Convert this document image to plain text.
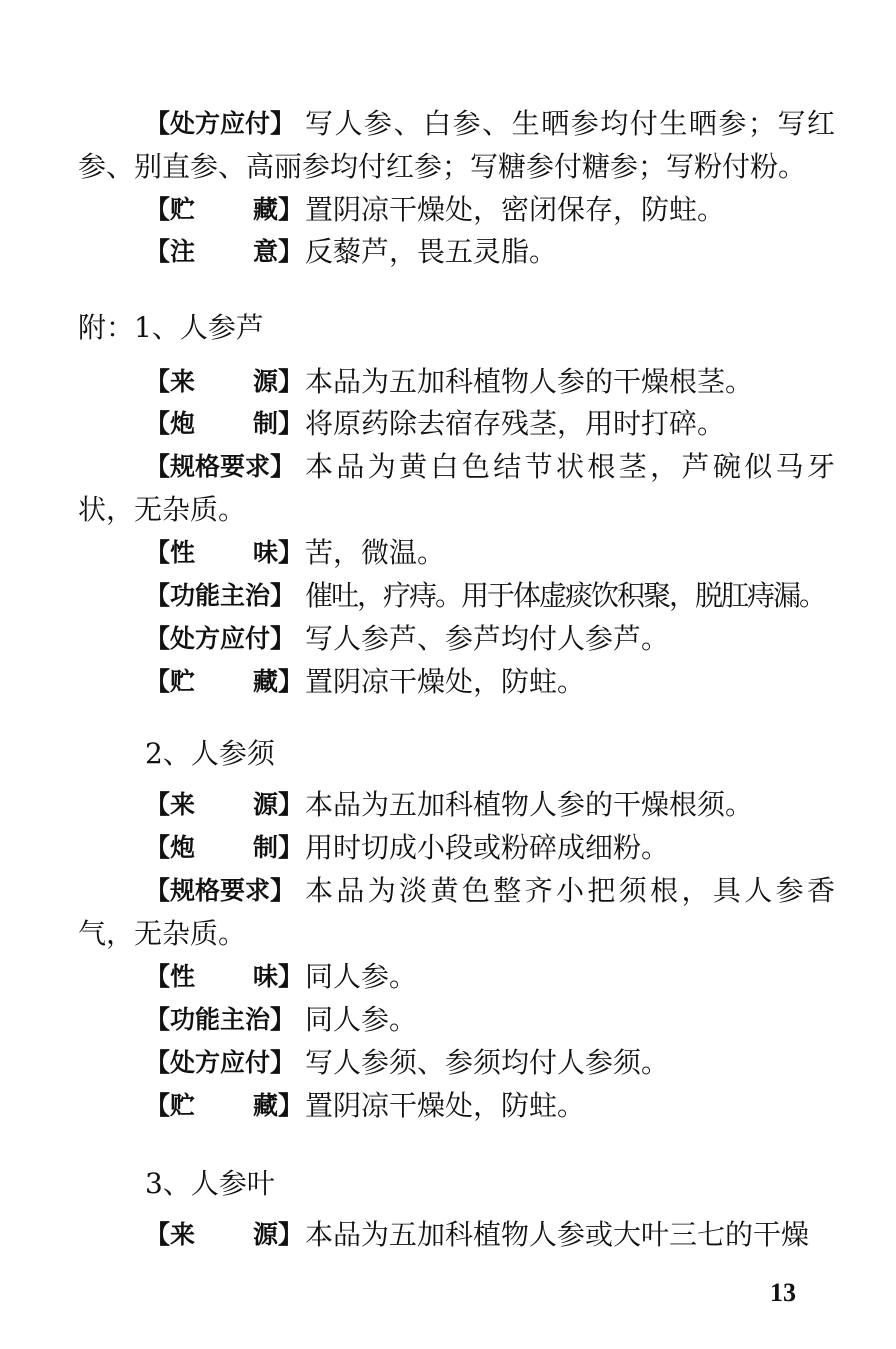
【处方应付】 写人参、白参、生晒参均付生晒参；写红
参、别直参、高丽参均付红参；写糖参付糖参；写粉付粉。
【贮 藏】置阴凉干燥处，密闭保存，防蛀。
【注 意】反藜芦，畏五灵脂。
附：1、人参芦
【来 源】本品为五加科植物人参的干燥根茎。
【炮 制】将原药除去宿存残茎，用时打碎。
【规格要求】 本品为黄白色结节状根茎，芦碗似马牙
状，无杂质。
【性 味】苦，微温。
【功能主治】 催吐，疗痔。用于体虚痰饮积聚，脱肛痔漏。
【处方应付】 写人参芦、参芦均付人参芦。
【贮 藏】置阴凉干燥处，防蛀。
2、人参须
【来 源】本品为五加科植物人参的干燥根须。
【炮 制】用时切成小段或粉碎成细粉。
【规格要求】 本品为淡黄色整齐小把须根，具人参香
气，无杂质。
【性 味】同人参。
【功能主治】 同人参。
【处方应付】 写人参须、参须均付人参须。
【贮 藏】置阴凉干燥处，防蛀。
3、人参叶
【来 源】本品为五加科植物人参或大叶三七的干燥
13
